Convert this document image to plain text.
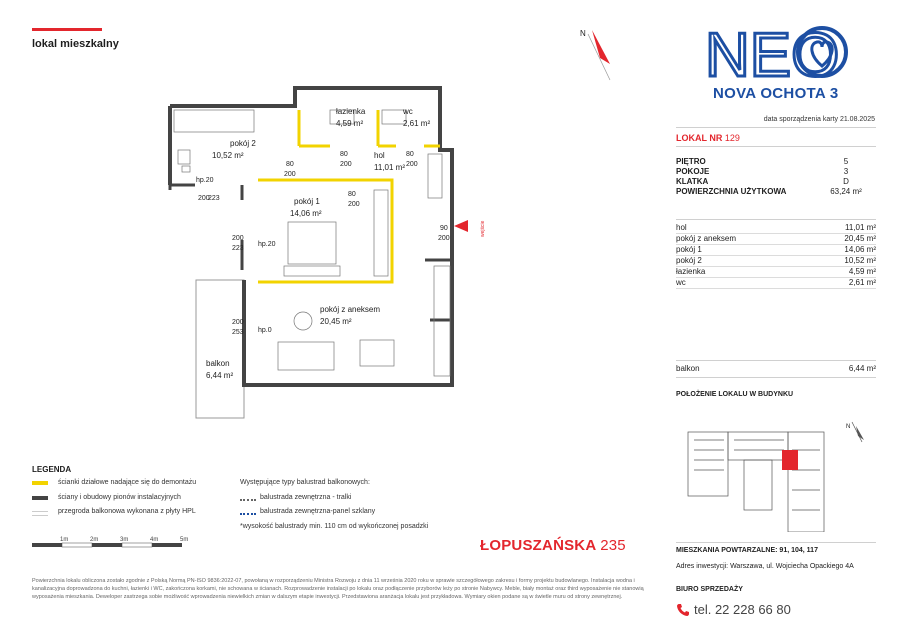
lokal mieszkalny
łazienka
4,59 m²
wc
2,61 m²
pokój 2
10,52 m²	hol
11,01 m²
pokój 1
14,06 m²
pokój z aneksem
20,45 m²
balkon
6,44 m²
80
200
80
200
80
200
80
200
200
223
hp.20
200
223
hp.20
90
200
200
253 hp.0
N
wejście
NEO
NOVA OCHOTA 3
data sporządzenia karty 21.08.2025
LOKAL NR 129
PIĘTRO	5
POKOJE	3
KLATKA	D
POWIERZCHNIA UŻYTKOWA	63,24 m²
hol	11,01 m²
pokój z aneksem	20,45 m²
pokój 1	14,06 m²
pokój 2	10,52 m²
łazienka	4,59 m²
wc	2,61 m²
balkon	6,44 m²
POŁOŻENIE LOKALU W BUDYNKU
N
MIESZKANIA POWTARZALNE: 91, 104, 117
Adres inwestycji: Warszawa, ul. Wojciecha Opackiego 4A
BIURO SPRZEDAŻY
tel. 22 228 66 80
LEGENDA
ścianki działowe nadające się do demontażu
ściany i obudowy pionów instalacyjnych
przegroda balkonowa wykonana z płyty HPL
Występujące typy balustrad balkonowych:
balustrada zewnętrzna - tralki
balustrada zewnętrzna-panel szklany
*wysokość balustrady min. 110 cm od wykończonej posadzki
1m	2m	3m	4m	5m	ŁOPUSZAŃSKA 235
Powierzchnia lokalu obliczona zostało zgodnie z Polską Normą PN-ISO 9836:2022-07, powołaną w rozporządzeniu Ministra Rozwoju z dnia 11 września 2020 roku w sprawie szczegółowego zakresu i formy projektu budowlanego. Instalacja wodna i kanalizacyjna doprowadzona do kuchni, łazienki i WC, zakończona korkami, nie schowana w ścianach. Rozprowadzenie instalacji po lokalu oraz podłączenie przyborów leży po stronie Nabywcy. Meble, biały montaż oraz third wyposażenie nie stanowią wyposażenia mieszkania. Deweloper zastrzega sobie możliwość wprowadzenia niewielkich zmian w dalszym etapie inwestycji. Przedstawiona aranżacja lokalu jest przykładowa. Wymiary okien podane są w świetle muru od strony zewnętrznej.
